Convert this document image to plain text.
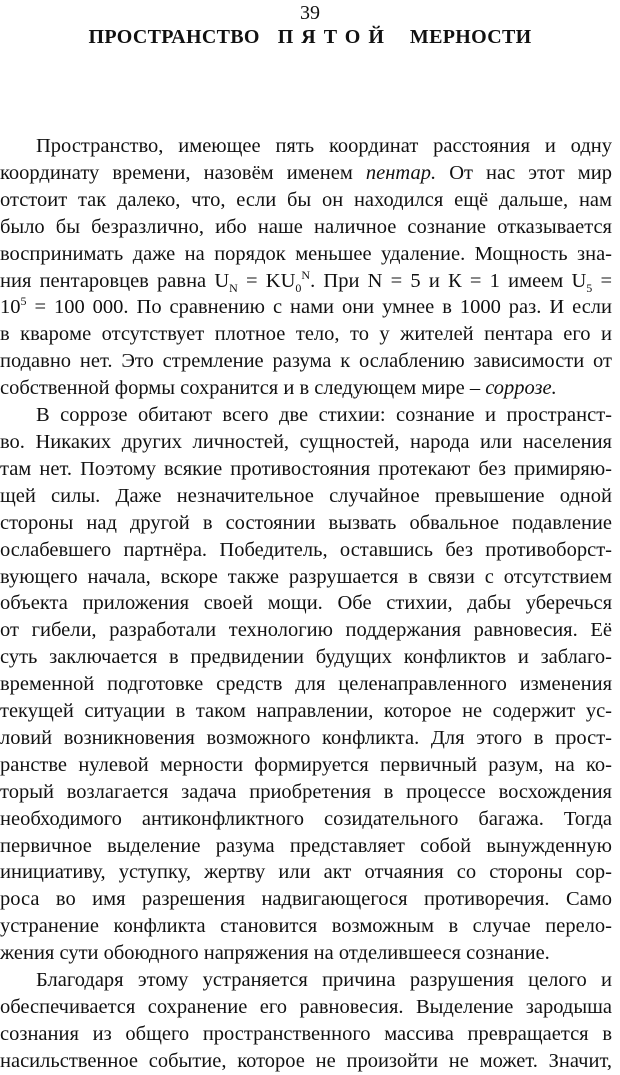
39
ПРОСТРАНСТВО ПЯТОЙ МЕРНОСТИ

Пространство, имеющее пять координат расстояния и одну
координату времени, назовём именем пентар. От нас этот мир
отстоит так далеко, что, если бы он находился ещё дальше, нам
было бы безразлично, ибо наше наличное сознание отказывается
воспринимать даже на порядок меньшее удаление. Мощность зна-
ния пентаровцев равна $U_N = KU_0^N$. При N = 5 и К = 1 имеем $U_5$ =
$10^5 = 100$ 000. По сравнению с нами они умнее в 1000 раз. И если
в кварoме отсутствует плотное тело, то у жителей пентара его и
подавно нет. Это стремление разума к ослаблению зависимости от
собственной формы сохранится и в следующем мире – соррозе.

В соррозе обитают всего две стихии: сознание и пространст-
во. Никаких других личностей, сущностей, народа или населения
там нет. Поэтому всякие противостояния протекают без примиряю-
щей силы. Даже незначительное случайное превышение одной
стороны над другой в состоянии вызвать обвальное подавление
ослабевшего партнёра. Победитель, оставшись без противоборст-
вующего начала, вскоре также разрушается в связи с отсутствием
объекта приложения своей мощи. Обе стихии, дабы уберечься
от гибели, разработали технологию поддержания равновесия. Её
суть заключается в предвидении будущих конфликтов и заблаго-
временной подготовке средств для целенаправленного изменения
текущей ситуации в таком направлении, которое не содержит ус-
ловий возникновения возможного конфликта. Для этого в прост-
ранстве нулевой мерности формируется первичный разум, на ко-
торый возлагается задача приобретения в процессе восхождения
необходимого антиконфликтного созидательного багажа. Тогда
первичное выделение разума представляет собой вынужденную
инициативу, уступку, жертву или акт отчаяния со стороны сор-
роса во имя разрешения надвигающегося противоречия. Само
устранение конфликта становится возможным в случае перело-
жения сути обоюдного напряжения на отделившееся сознание.

Благодаря этому устраняется причина разрушения целого и
обеспечивается сохранение его равновесия. Выделение зародыша
сознания из общего пространственного массива превращается в
насильственное событие, которое не произойти не может. Значит,
